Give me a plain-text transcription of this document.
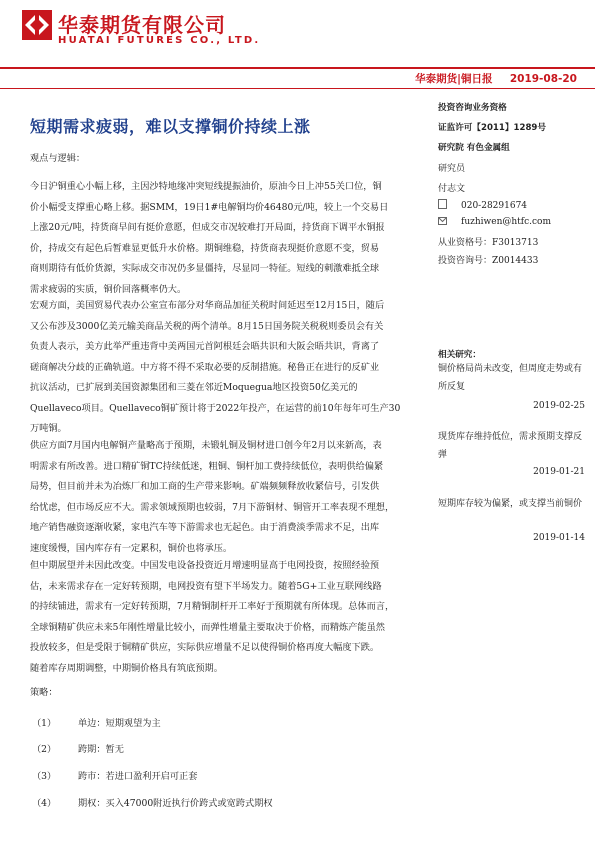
华泰期货有限公司
HUATAI FUTURES CO., LTD.
华泰期货|铜日报 2019-08-20
短期需求疲弱，难以支撑铜价持续上涨
观点与逻辑：
今日沪铜重心小幅上移，主因沙特地缘冲突短线提振油价，原油今日上冲55关口位，铜
价小幅受支撑重心略上移。据SMM，19日1#电解铜均价46480元/吨，较上一个交易日
上涨20元/吨，持货商早间有挺价意愿，但成交市况较难打开局面，持货商下调平水铜报
价，持成交有起色后暂难显更低升水价格。期铜维稳，持货商表现挺价意愿不变，贸易
商则期待有低价货源，实际成交市况仍多显僵持，尽显同一特征。短线的刺激难抵全球
需求疲弱的实质，铜价回落概率仍大。
宏观方面，美国贸易代表办公室宣布部分对华商品加征关税时间延迟至12月15日，随后
又公布涉及3000亿美元输美商品关税的两个清单。8月15日国务院关税税则委员会有关
负责人表示，美方此举严重违背中美两国元首阿根廷会晤共识和大阪会晤共识，背离了
磋商解决分歧的正确轨道。中方将不得不采取必要的反制措施。秘鲁正在进行的反矿业
抗议活动，已扩展到美国资源集团和三菱在邻近Moquegua地区投资50亿美元的
Quellaveco项目。Quellaveco铜矿预计将于2022年投产，在运营的前10年每年可生产30
万吨铜。
供应方面7月国内电解铜产量略高于预期，未锻轧铜及铜材进口创今年2月以来新高，表
明需求有所改善。进口精矿铜TC持续低迷，粗铜、铜杆加工费持续低位，表明供给偏紧
局势，但目前并未为冶炼厂和加工商的生产带来影响。矿端频频释放收紧信号，引发供
给忧虑，但市场反应不大。需求领域预期也较弱，7月下游铜材、铜管开工率表现不理想，
地产销售融资逐渐收紧，家电汽车等下游需求也无起色。由于消费淡季需求不足，出库
速度缓慢，国内库存有一定累积，铜价也将承压。
但中期展望并未因此改变。中国发电设备投资近月增速明显高于电网投资，按照经验预
估，未来需求存在一定好转预期，电网投资有望下半场发力。随着5G+工业互联网线路
的持续铺进，需求有一定好转预期，7月精铜制杆开工率好于预期就有所体现。总体而言，
全球铜精矿供应未来5年刚性增量比较小，而弹性增量主要取决于价格，而精炼产能虽然
投放较多，但是受限于铜精矿供应，实际供应增量不足以使得铜价格再度大幅度下跌。
随着库存周期调整，中期铜价格具有筑底预期。
策略：
（1） 单边：短期观望为主
（2） 跨期：暂无
（3） 跨市：若进口盈利开启可正套
（4） 期权：买入47000附近执行价跨式或宽跨式期权
投资咨询业务资格
证监许可【2011】1289号
研究院 有色金属组
研究员
付志文
020-28291674
fuzhiwen@htfc.com
从业资格号：F3013713
投资咨询号：Z0014433
相关研究：
铜价格局尚未改变，但周度走势或有所反复
2019-02-25
现货库存维持低位，需求预期支撑反弹
2019-01-21
短期库存较为偏紧，或支撑当前铜价
2019-01-14
